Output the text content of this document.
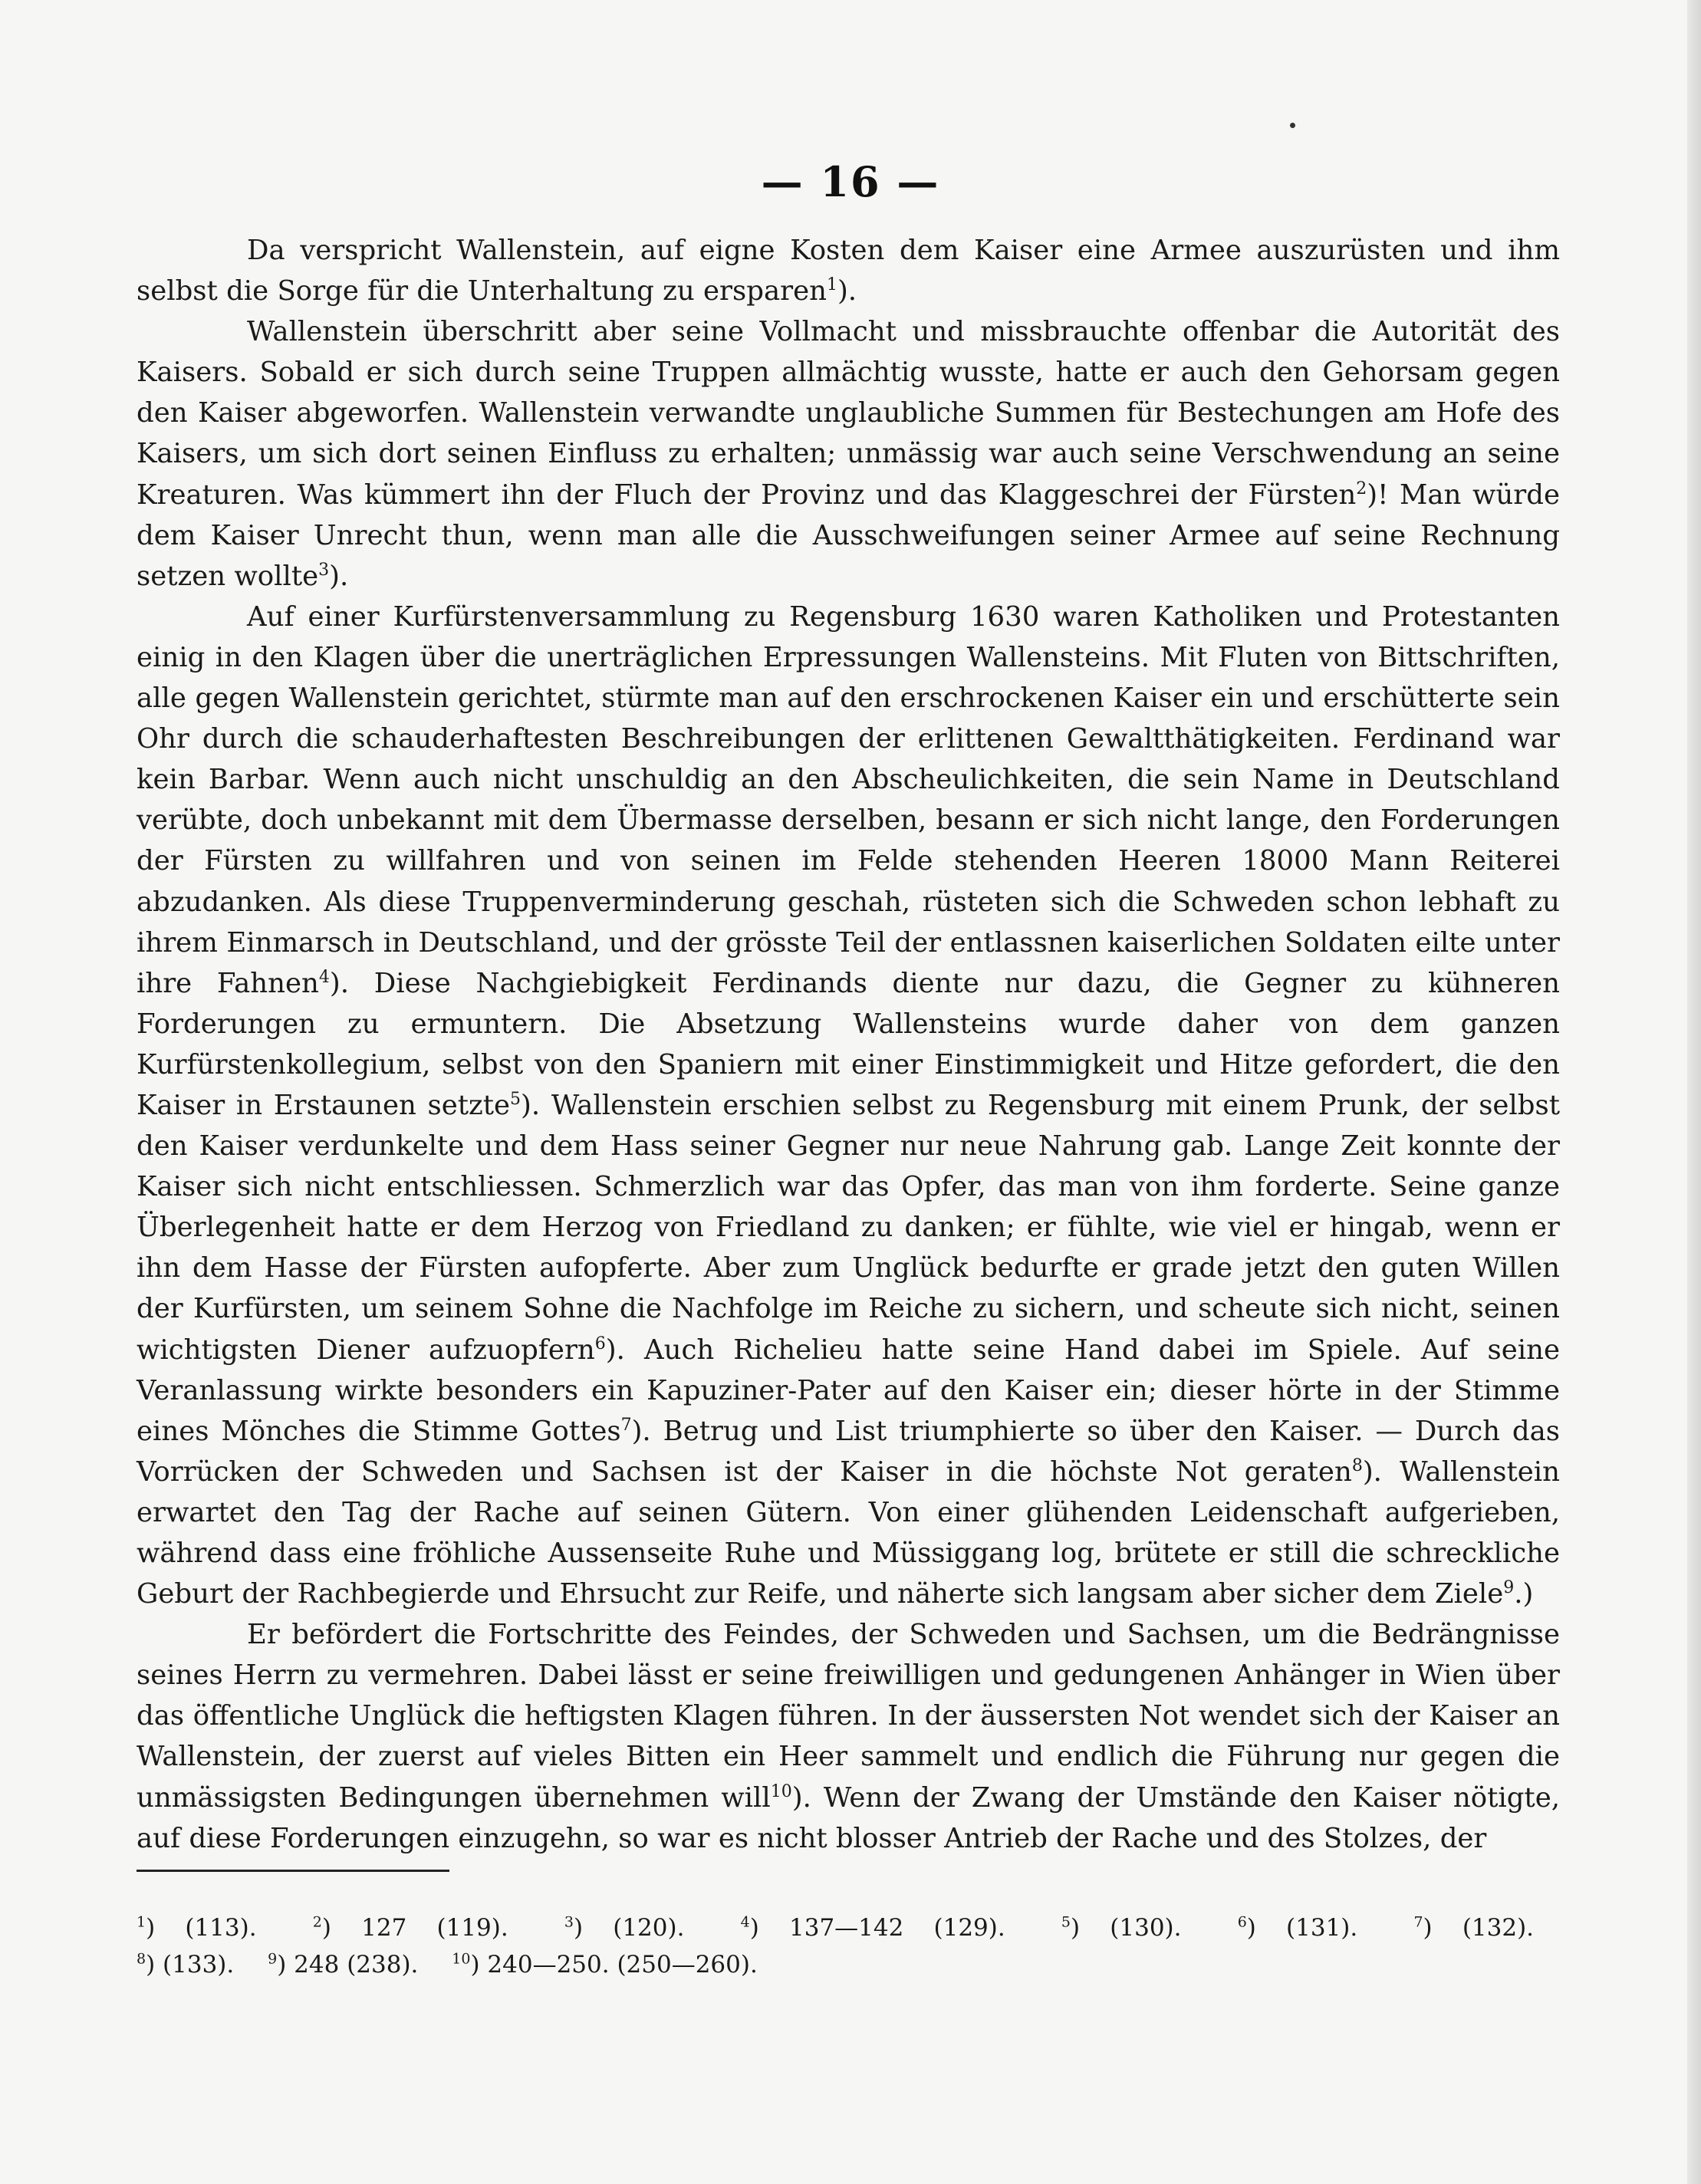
— 16 —

Da verspricht Wallenstein, auf eigne Kosten dem Kaiser eine Armee auszurüsten und ihm selbst die Sorge für die Unterhaltung zu ersparen$^1$).

Wallenstein überschritt aber seine Vollmacht und missbrauchte offenbar die Autorität des Kaisers. Sobald er sich durch seine Truppen allmächtig wusste, hatte er auch den Gehorsam gegen den Kaiser abgeworfen. Wallenstein verwandte unglaubliche Summen für Bestechungen am Hofe des Kaisers, um sich dort seinen Einfluss zu erhalten; unmässig war auch seine Verschwendung an seine Kreaturen. Was kümmert ihn der Fluch der Provinz und das Klaggeschrei der Fürsten$^2$)! Man würde dem Kaiser Unrecht thun, wenn man alle die Ausschweifungen seiner Armee auf seine Rechnung setzen wollte$^3$).

Auf einer Kurfürstenversammlung zu Regensburg 1630 waren Katholiken und Protestanten einig in den Klagen über die unerträglichen Erpressungen Wallensteins. Mit Fluten von Bittschriften, alle gegen Wallenstein gerichtet, stürmte man auf den erschrockenen Kaiser ein und erschütterte sein Ohr durch die schauderhaftesten Beschreibungen der erlittenen Gewaltthätigkeiten. Ferdinand war kein Barbar. Wenn auch nicht unschuldig an den Abscheulichkeiten, die sein Name in Deutschland verübte, doch unbekannt mit dem Übermasse derselben, besann er sich nicht lange, den Forderungen der Fürsten zu willfahren und von seinen im Felde stehenden Heeren 18000 Mann Reiterei abzudanken. Als diese Truppenverminderung geschah, rüsteten sich die Schweden schon lebhaft zu ihrem Einmarsch in Deutschland, und der grösste Teil der entlassnen kaiserlichen Soldaten eilte unter ihre Fahnen$^4$). Diese Nachgiebigkeit Ferdinands diente nur dazu, die Gegner zu kühneren Forderungen zu ermuntern. Die Absetzung Wallensteins wurde daher von dem ganzen Kurfürstenkollegium, selbst von den Spaniern mit einer Einstimmigkeit und Hitze gefordert, die den Kaiser in Erstaunen setzte$^5$). Wallenstein erschien selbst zu Regensburg mit einem Prunk, der selbst den Kaiser verdunkelte und dem Hass seiner Gegner nur neue Nahrung gab. Lange Zeit konnte der Kaiser sich nicht entschliessen. Schmerzlich war das Opfer, das man von ihm forderte. Seine ganze Überlegenheit hatte er dem Herzog von Friedland zu danken; er fühlte, wie viel er hingab, wenn er ihn dem Hasse der Fürsten aufopferte. Aber zum Unglück bedurfte er grade jetzt den guten Willen der Kurfürsten, um seinem Sohne die Nachfolge im Reiche zu sichern, und scheute sich nicht, seinen wichtigsten Diener aufzuopfern$^6$). Auch Richelieu hatte seine Hand dabei im Spiele. Auf seine Veranlassung wirkte besonders ein Kapuziner-Pater auf den Kaiser ein; dieser hörte in der Stimme eines Mönches die Stimme Gottes$^7$). Betrug und List triumphierte so über den Kaiser. — Durch das Vorrücken der Schweden und Sachsen ist der Kaiser in die höchste Not geraten$^8$). Wallenstein erwartet den Tag der Rache auf seinen Gütern. Von einer glühenden Leidenschaft aufgerieben, während dass eine fröhliche Aussenseite Ruhe und Müssiggang log, brütete er still die schreckliche Geburt der Rachbegierde und Ehrsucht zur Reife, und näherte sich langsam aber sicher dem Ziele$^9$.)

Er befördert die Fortschritte des Feindes, der Schweden und Sachsen, um die Bedrängnisse seines Herrn zu vermehren. Dabei lässt er seine freiwilligen und gedungenen Anhänger in Wien über das öffentliche Unglück die heftigsten Klagen führen. In der äussersten Not wendet sich der Kaiser an Wallenstein, der zuerst auf vieles Bitten ein Heer sammelt und endlich die Führung nur gegen die unmässigsten Bedingungen übernehmen will$^{10}$). Wenn der Zwang der Umstände den Kaiser nötigte, auf diese Forderungen einzugehn, so war es nicht blosser Antrieb der Rache und des Stolzes, der

$^1$) (113).	$^2$) 127 (119).	$^3$) (120).	$^4$) 137—142 (129).	$^5$) (130).	$^6$) (131).	$^7$) (132).
$^8$) (133). $^9$) 248 (238). $^{10}$) 240—250. (250—260).
